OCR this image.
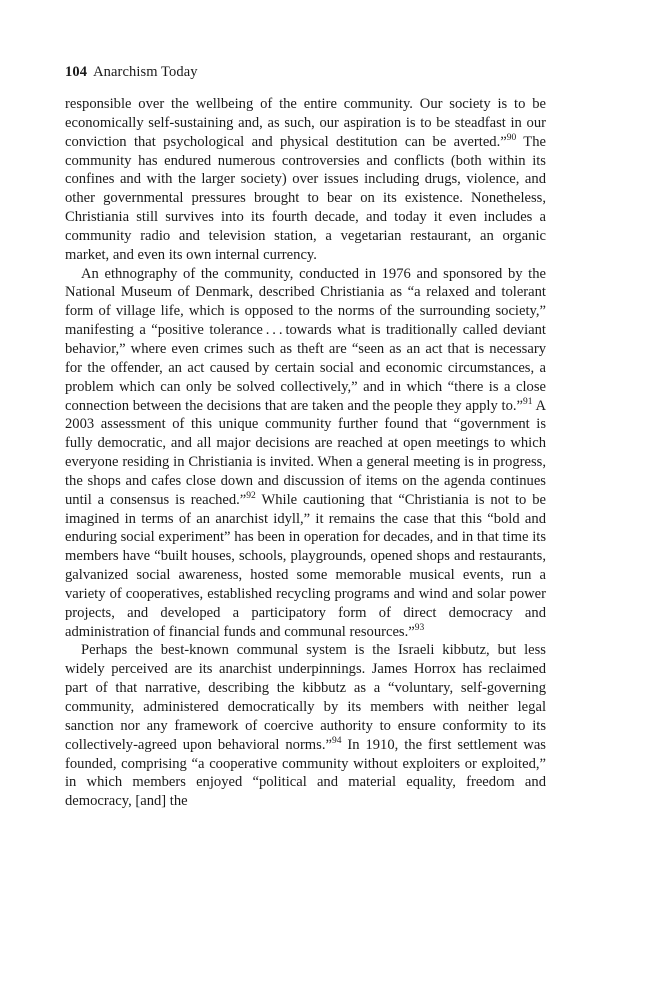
104 Anarchism Today

responsible over the wellbeing of the entire community. Our society is to be economically self-sustaining and, as such, our aspiration is to be steadfast in our conviction that psychological and physical destitution can be averted.”$^{90}$ The community has endured numerous controversies and conflicts (both within its confines and with the larger society) over issues including drugs, violence, and other governmental pressures brought to bear on its existence. Nonetheless, Christiania still survives into its fourth decade, and today it even includes a community radio and television station, a vegetarian restaurant, an organic market, and even its own internal currency.

An ethnography of the community, conducted in 1976 and sponsored by the National Museum of Denmark, described Christiania as “a relaxed and tolerant form of village life, which is opposed to the norms of the surrounding society,” manifesting a “positive tolerance . . . towards what is traditionally called deviant behavior,” where even crimes such as theft are “seen as an act that is necessary for the offender, an act caused by certain social and economic circumstances, a problem which can only be solved collectively,” and in which “there is a close connection between the decisions that are taken and the people they apply to.”$^{91}$ A 2003 assessment of this unique community further found that “government is fully democratic, and all major decisions are reached at open meetings to which everyone residing in Christiania is invited. When a general meeting is in progress, the shops and cafes close down and discussion of items on the agenda continues until a consensus is reached.”$^{92}$ While cautioning that “Christiania is not to be imagined in terms of an anarchist idyll,” it remains the case that this “bold and enduring social experiment” has been in operation for decades, and in that time its members have “built houses, schools, playgrounds, opened shops and restaurants, galvanized social awareness, hosted some memorable musical events, run a variety of cooperatives, established recycling programs and wind and solar power projects, and developed a participatory form of direct democracy and administration of financial funds and communal resources.”$^{93}$

Perhaps the best-known communal system is the Israeli kibbutz, but less widely perceived are its anarchist underpinnings. James Horrox has reclaimed part of that narrative, describing the kibbutz as a “voluntary, self-governing community, administered democratically by its members with neither legal sanction nor any framework of coercive authority to ensure conformity to its collectively-agreed upon behavioral norms.”$^{94}$ In 1910, the first settlement was founded, comprising “a cooperative community without exploiters or exploited,” in which members enjoyed “political and material equality, freedom and democracy, [and] the
